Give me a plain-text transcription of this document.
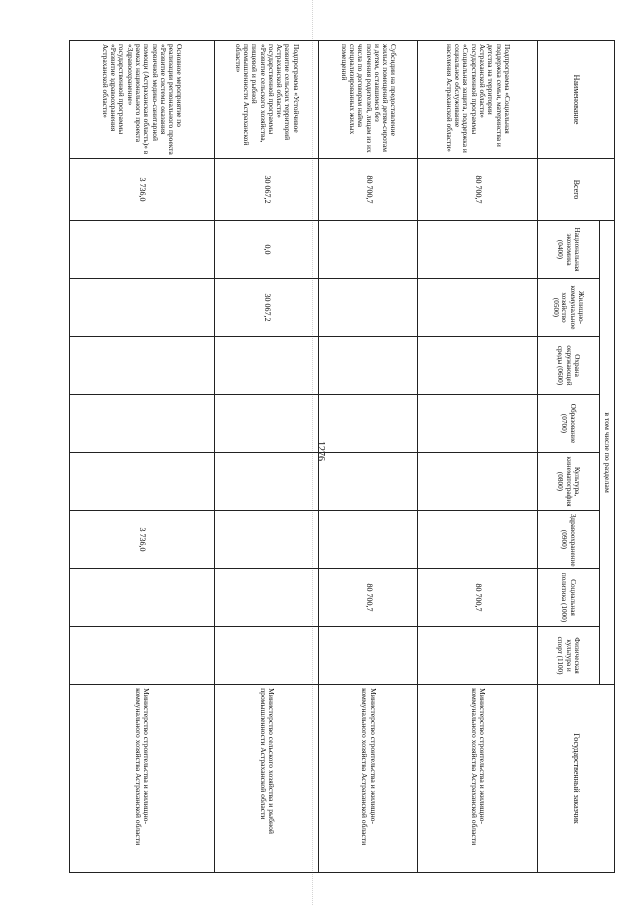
1276
Наименование	Всего	в том числе по разделам								Государственный заказчик
		Национальная экономика (0400)	Жилищно-коммунальное хозяйство (0500)	Охрана окружающей среды (0600)	Образование (0700)	Культура, кинематография (0800)	Здравоохранение (0900)	Социальная политика (1000)	Физическая культура и спорт (1100)	
Подпрограмма «Социальная поддержка семьи, материнства и детства на территории Астраханской области» государственной программы «Социальная защита, поддержка и социальное обслуживание населения Астраханской области»	80 700,7							80 700,7		Министерство строительства и жилищно-коммунального хозяйства Астраханской области
Субсидии на предоставление жилых помещений детям-сиротам и детям, оставшимся без попечения родителей, лицам из их числа по договорам найма специализированных жилых помещений	80 700,7							80 700,7		Министерство строительства и жилищно-коммунального хозяйства Астраханской области
Подпрограмма «Устойчивое развитие сельских территорий Астраханской области» государственной программы «Развитие сельского хозяйства, пищевой и рыбной промышленности Астраханской области»	30 067,2	0,0	30 067,2							Министерство сельского хозяйства и рыбной промышленности Астраханской области
Основное мероприятие по реализации регионального проекта «Развитие системы оказания первичной медико-санитарной помощи (Астраханская область)» в рамках национального проекта «Здравоохранение» государственной программы «Развитие здравоохранения Астраханской области»	3 736,0						3 736,0			Министерство строительства и жилищно-коммунального хозяйства Астраханской области
